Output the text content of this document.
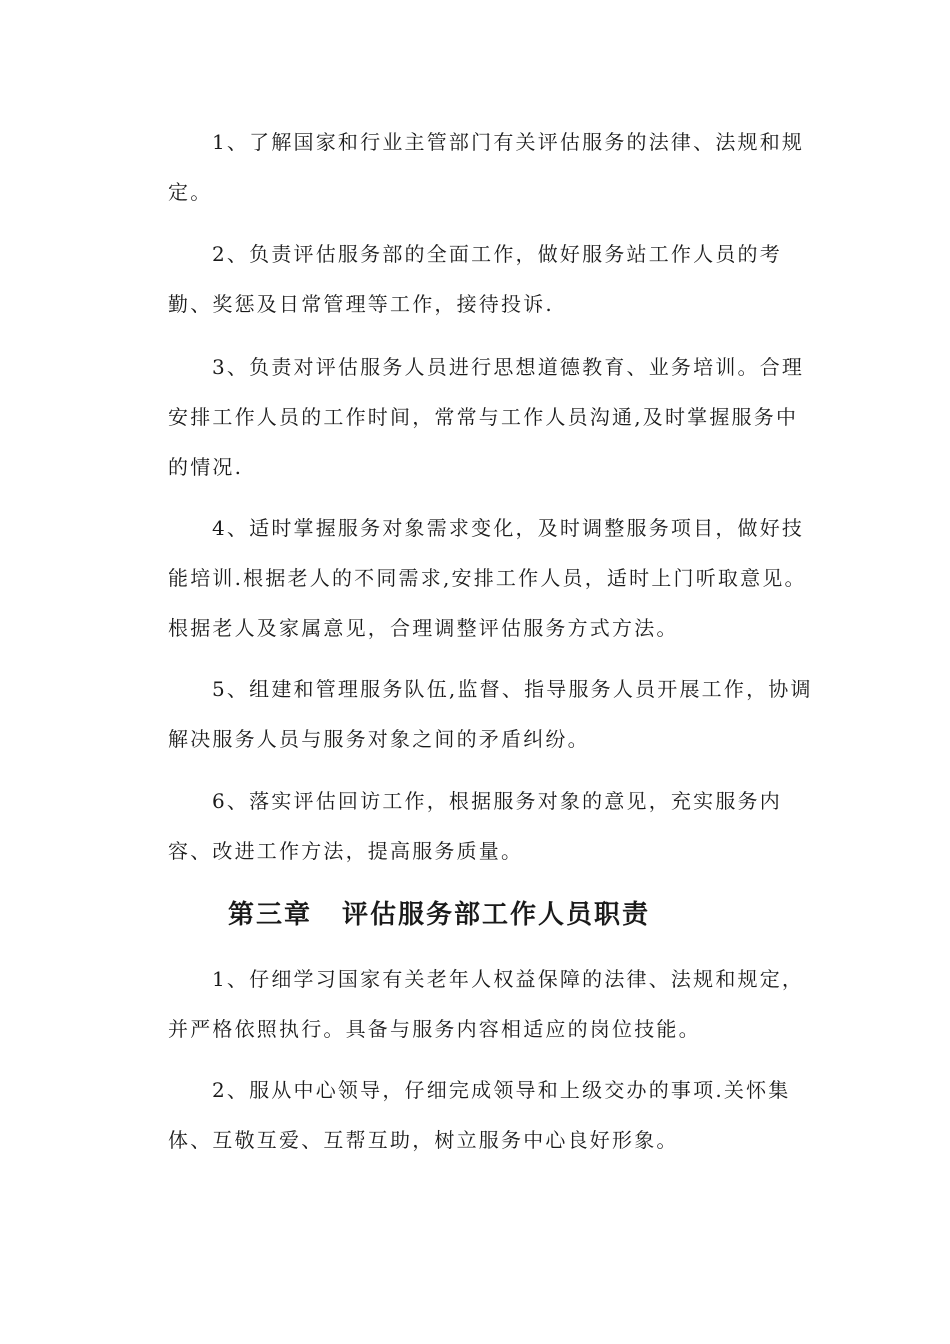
1、了解国家和行业主管部门有关评估服务的法律、法规和规定。

2、负责评估服务部的全面工作，做好服务站工作人员的考勤、奖惩及日常管理等工作，接待投诉.

3、负责对评估服务人员进行思想道德教育、业务培训。合理安排工作人员的工作时间，常常与工作人员沟通,及时掌握服务中的情况.

4、适时掌握服务对象需求变化，及时调整服务项目，做好技能培训.根据老人的不同需求,安排工作人员，适时上门听取意见。根据老人及家属意见，合理调整评估服务方式方法。

5、组建和管理服务队伍,监督、指导服务人员开展工作，协调解决服务人员与服务对象之间的矛盾纠纷。

6、落实评估回访工作，根据服务对象的意见，充实服务内容、改进工作方法，提高服务质量。

第三章 评估服务部工作人员职责

1、仔细学习国家有关老年人权益保障的法律、法规和规定，并严格依照执行。具备与服务内容相适应的岗位技能。

2、服从中心领导，仔细完成领导和上级交办的事项.关怀集体、互敬互爱、互帮互助，树立服务中心良好形象。
